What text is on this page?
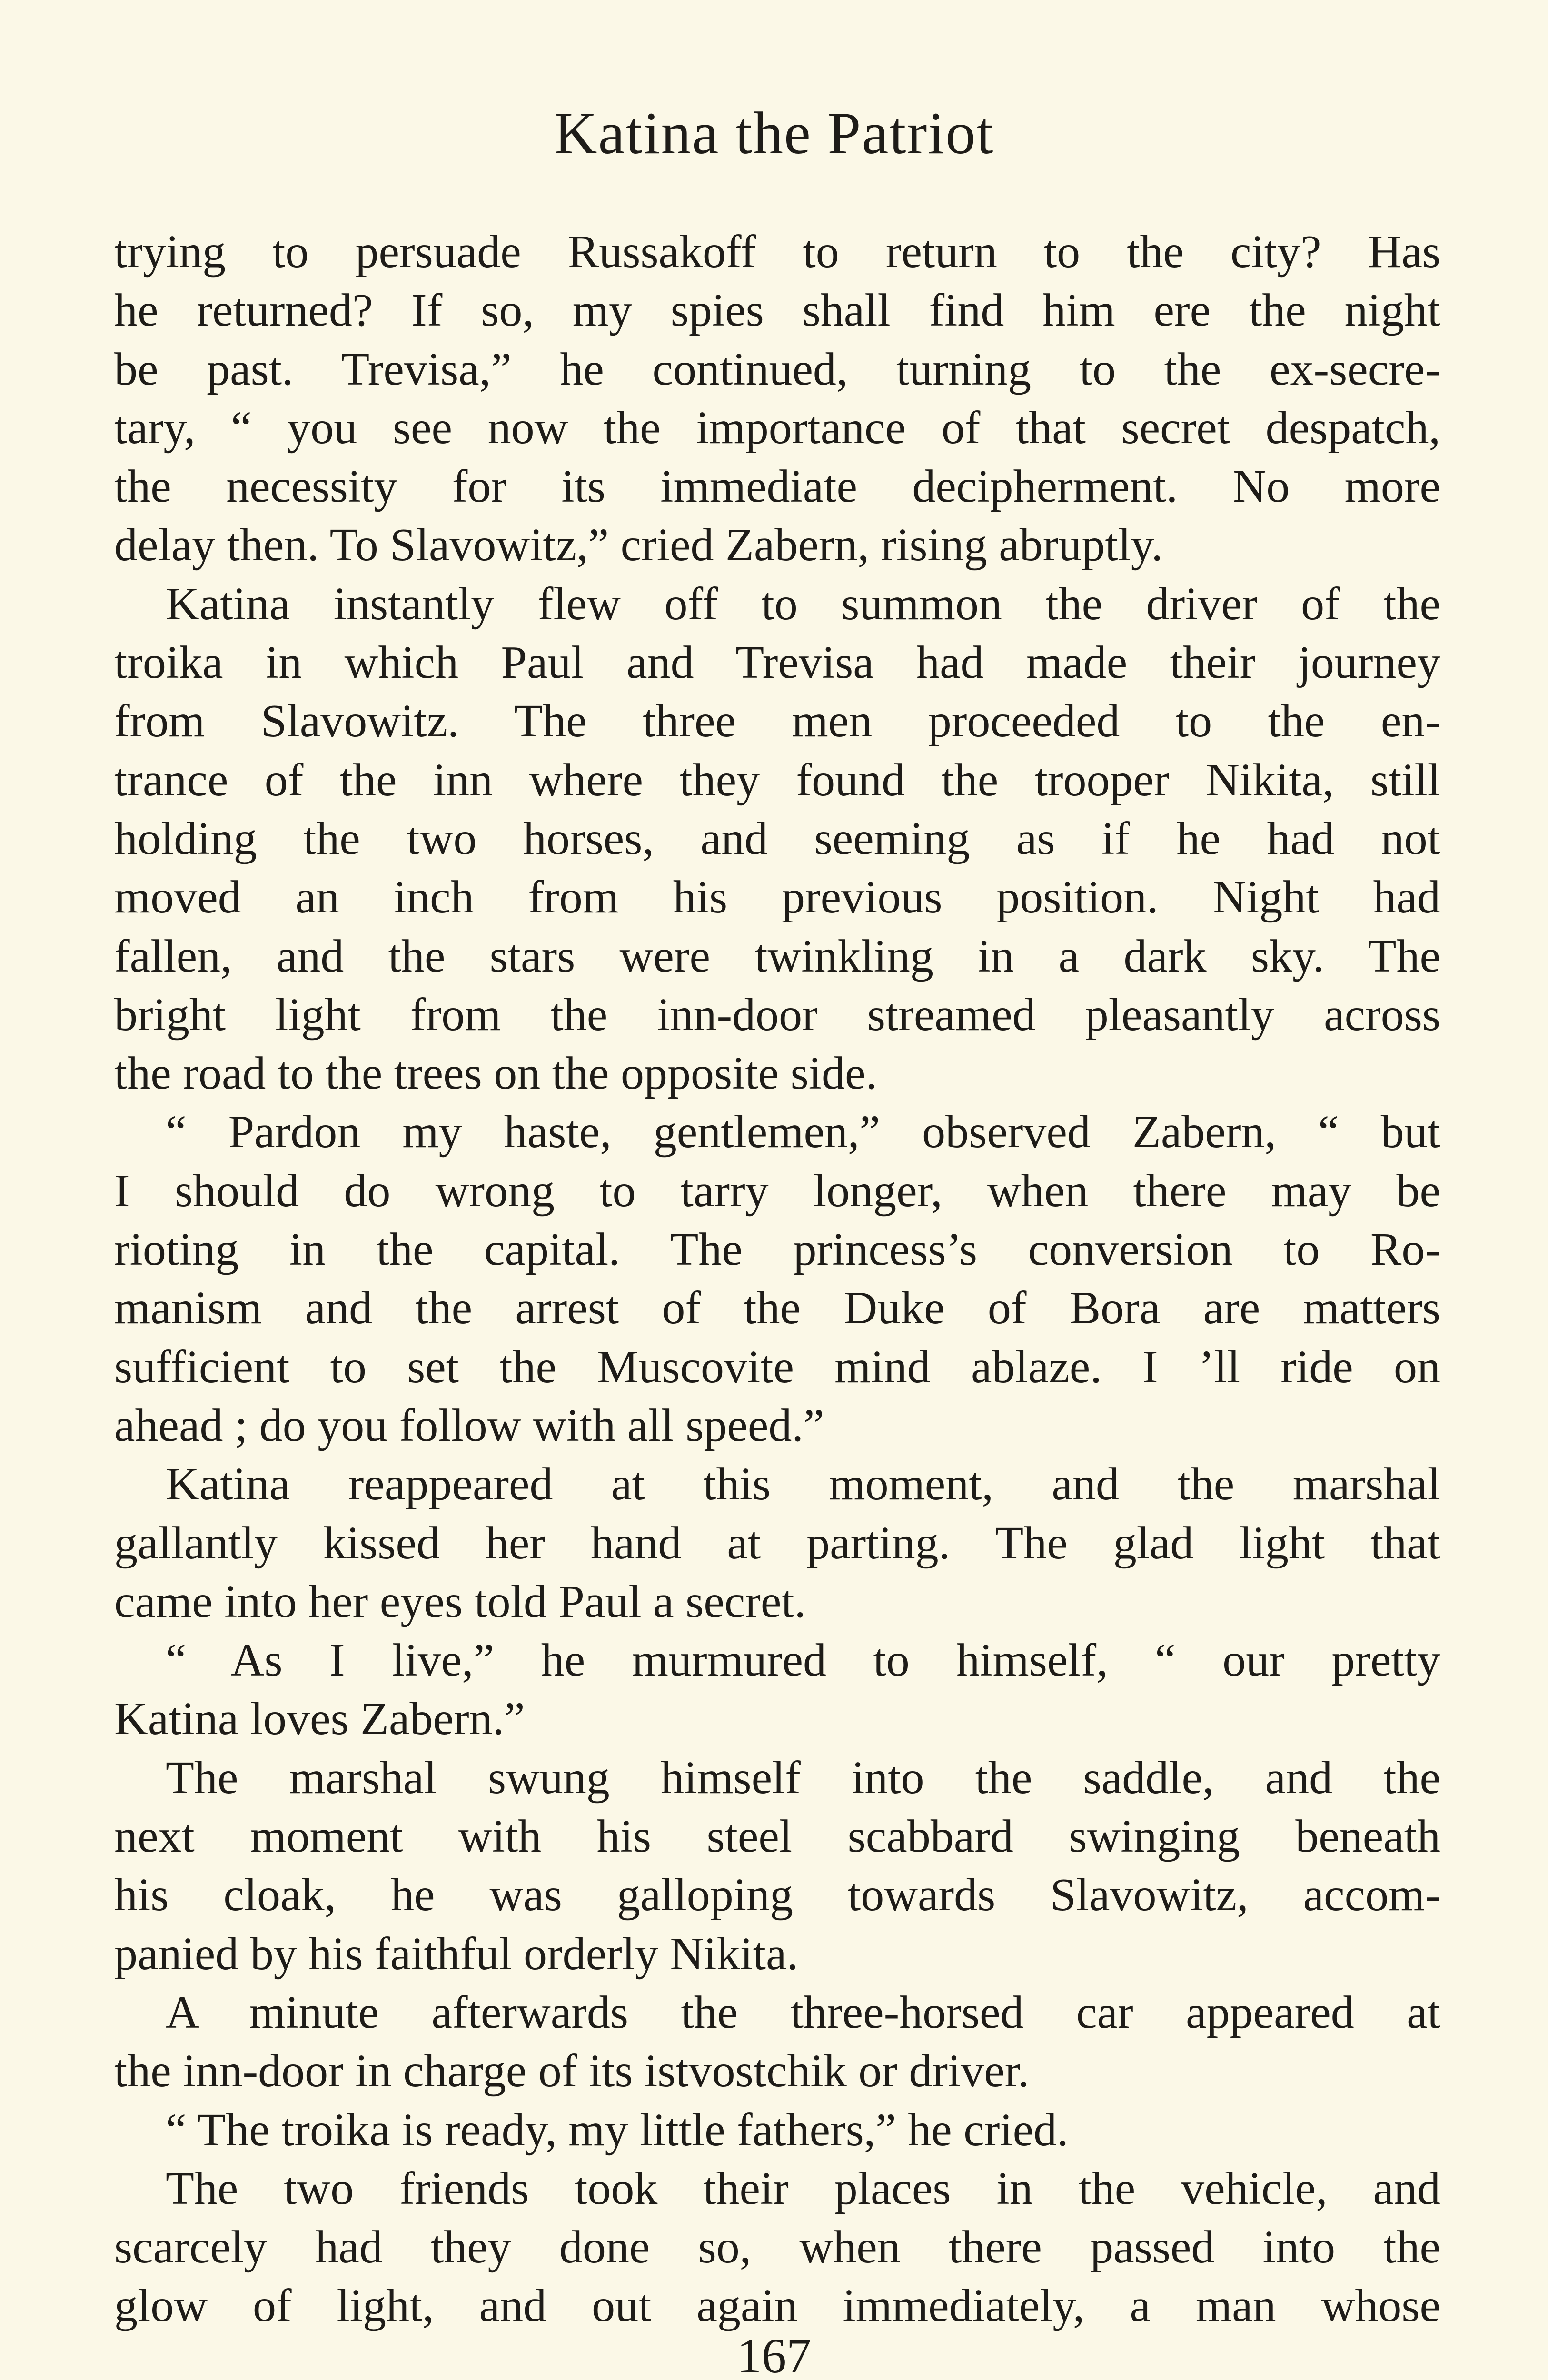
Katina the Patriot
trying to persuade Russakoff to return to the city? Has
he returned? If so, my spies shall find him ere the night
be past. Trevisa,” he continued, turning to the ex-secre-
tary, “ you see now the importance of that secret despatch,
the necessity for its immediate decipherment. No more
delay then. To Slavowitz,” cried Zabern, rising abruptly.
Katina instantly flew off to summon the driver of the
troika in which Paul and Trevisa had made their journey
from Slavowitz. The three men proceeded to the en-
trance of the inn where they found the trooper Nikita, still
holding the two horses, and seeming as if he had not
moved an inch from his previous position. Night had
fallen, and the stars were twinkling in a dark sky. The
bright light from the inn-door streamed pleasantly across
the road to the trees on the opposite side.
“ Pardon my haste, gentlemen,” observed Zabern, “ but
I should do wrong to tarry longer, when there may be
rioting in the capital. The princess’s conversion to Ro-
manism and the arrest of the Duke of Bora are matters
sufficient to set the Muscovite mind ablaze. I ’ll ride on
ahead ; do you follow with all speed.”
Katina reappeared at this moment, and the marshal
gallantly kissed her hand at parting. The glad light that
came into her eyes told Paul a secret.
“ As I live,” he murmured to himself, “ our pretty
Katina loves Zabern.”
The marshal swung himself into the saddle, and the
next moment with his steel scabbard swinging beneath
his cloak, he was galloping towards Slavowitz, accom-
panied by his faithful orderly Nikita.
A minute afterwards the three-horsed car appeared at
the inn-door in charge of its istvostchik or driver.
“ The troika is ready, my little fathers,” he cried.
The two friends took their places in the vehicle, and
scarcely had they done so, when there passed into the
glow of light, and out again immediately, a man whose
167
